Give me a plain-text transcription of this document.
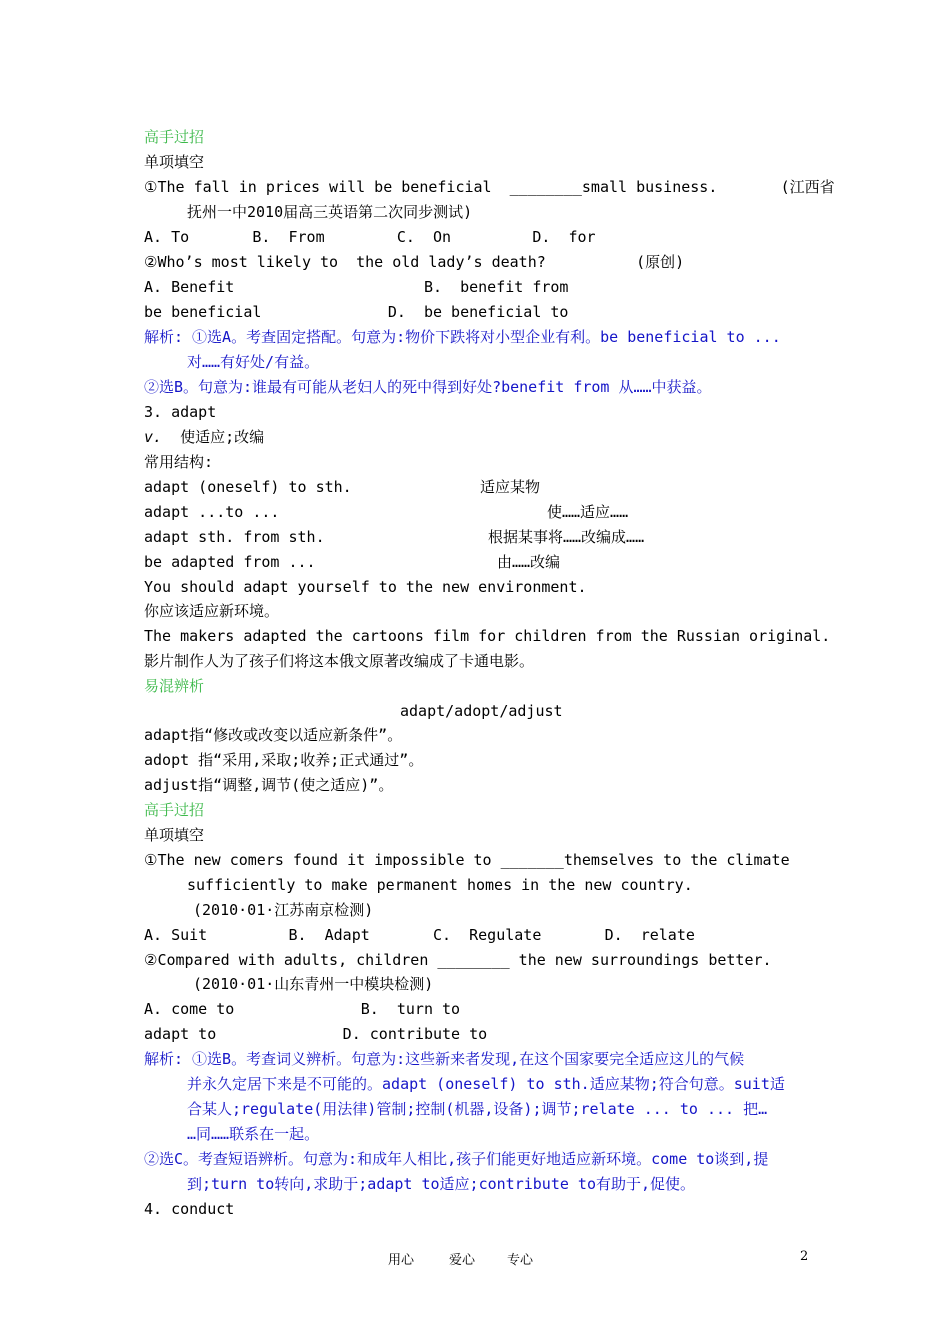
高手过招
单项填空
①The fall in prices will be beneficial  ________small business.       (江西省
抚州一中2010届高三英语第二次同步测试)
A. To       B.  From        C.  On         D.  for
②Who’s most likely to  the old lady’s death?          (原创)
A. Benefit                     B.  benefit from
be beneficial              D.  be beneficial to
解析: ①选A。考查固定搭配。句意为:物价下跌将对小型企业有利。be beneficial to ...
对……有好处/有益。
②选B。句意为:谁最有可能从老妇人的死中得到好处?benefit from 从……中获益。
3. adapt
v. 使适应;改编
常用结构:
adapt (oneself) to sth.	适应某物
adapt ...to ...	使……适应……
adapt sth. from sth.	根据某事将……改编成……
be adapted from ...	由……改编
You should adapt yourself to the new environment.
你应该适应新环境。
The makers adapted the cartoons film for children from the Russian original.
影片制作人为了孩子们将这本俄文原著改编成了卡通电影。
易混辨析
adapt/adopt/adjust
adapt指“修改或改变以适应新条件”。
adopt 指“采用,采取;收养;正式通过”。
adjust指“调整,调节(使之适应)”。
高手过招
单项填空
①The new comers found it impossible to _______themselves to the climate
sufficiently to make permanent homes in the new country.
(2010·01·江苏南京检测)
A. Suit         B.  Adapt       C.  Regulate       D.  relate
②Compared with adults, children ________ the new surroundings better.
(2010·01·山东青州一中模块检测)
A. come to              B.  turn to
adapt to              D. contribute to
解析: ①选B。考查词义辨析。句意为:这些新来者发现,在这个国家要完全适应这儿的气候
并永久定居下来是不可能的。adapt (oneself) to sth.适应某物;符合句意。suit适
合某人;regulate(用法律)管制;控制(机器,设备);调节;relate ... to ... 把…
…同……联系在一起。
②选C。考查短语辨析。句意为:和成年人相比,孩子们能更好地适应新环境。come to谈到,提
到;turn to转向,求助于;adapt to适应;contribute to有助于,促使。
4. conduct
用心	爱心 专心	2
